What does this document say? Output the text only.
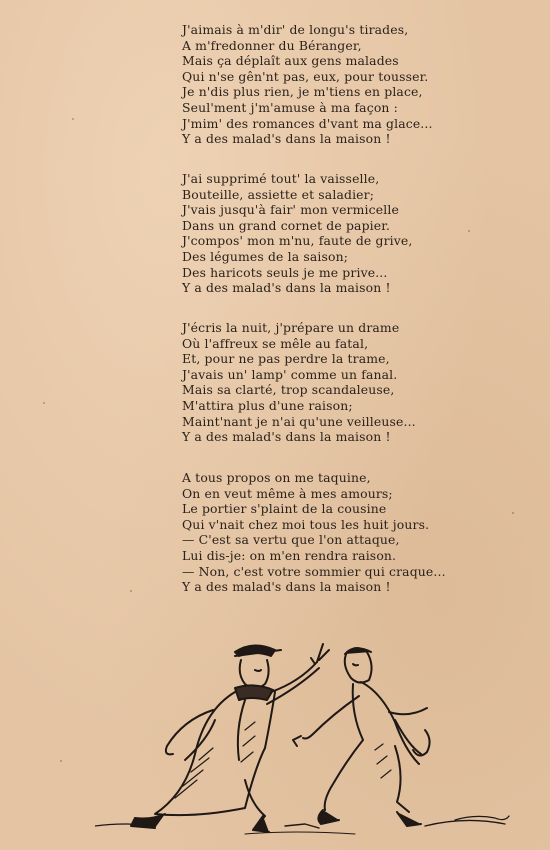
J'aimais à m'dir' de longu's tirades,
A m'fredonner du Béranger,
Mais ça déplaît aux gens malades
Qui n'se gên'nt pas, eux, pour tousser.
Je n'dis plus rien, je m'tiens en place,
Seul'ment j'm'amuse à ma façon :
J'mim' des romances d'vant ma glace...
Y a des malad's dans la maison !
J'ai supprimé tout' la vaisselle,
Bouteille, assiette et saladier;
J'vais jusqu'à fair' mon vermicelle
Dans un grand cornet de papier.
J'compos' mon m'nu, faute de grive,
Des légumes de la saison;
Des haricots seuls je me prive...
Y a des malad's dans la maison !
J'écris la nuit, j'prépare un drame
Où l'affreux se mêle au fatal,
Et, pour ne pas perdre la trame,
J'avais un' lamp' comme un fanal.
Mais sa clarté, trop scandaleuse,
M'attira plus d'une raison;
Maint'nant je n'ai qu'une veilleuse...
Y a des malad's dans la maison !
A tous propos on me taquine,
On en veut même à mes amours;
Le portier s'plaint de la cousine
Qui v'nait chez moi tous les huit jours.
— C'est sa vertu que l'on attaque,
Lui dis-je: on m'en rendra raison.
— Non, c'est votre sommier qui craque...
Y a des malad's dans la maison !
